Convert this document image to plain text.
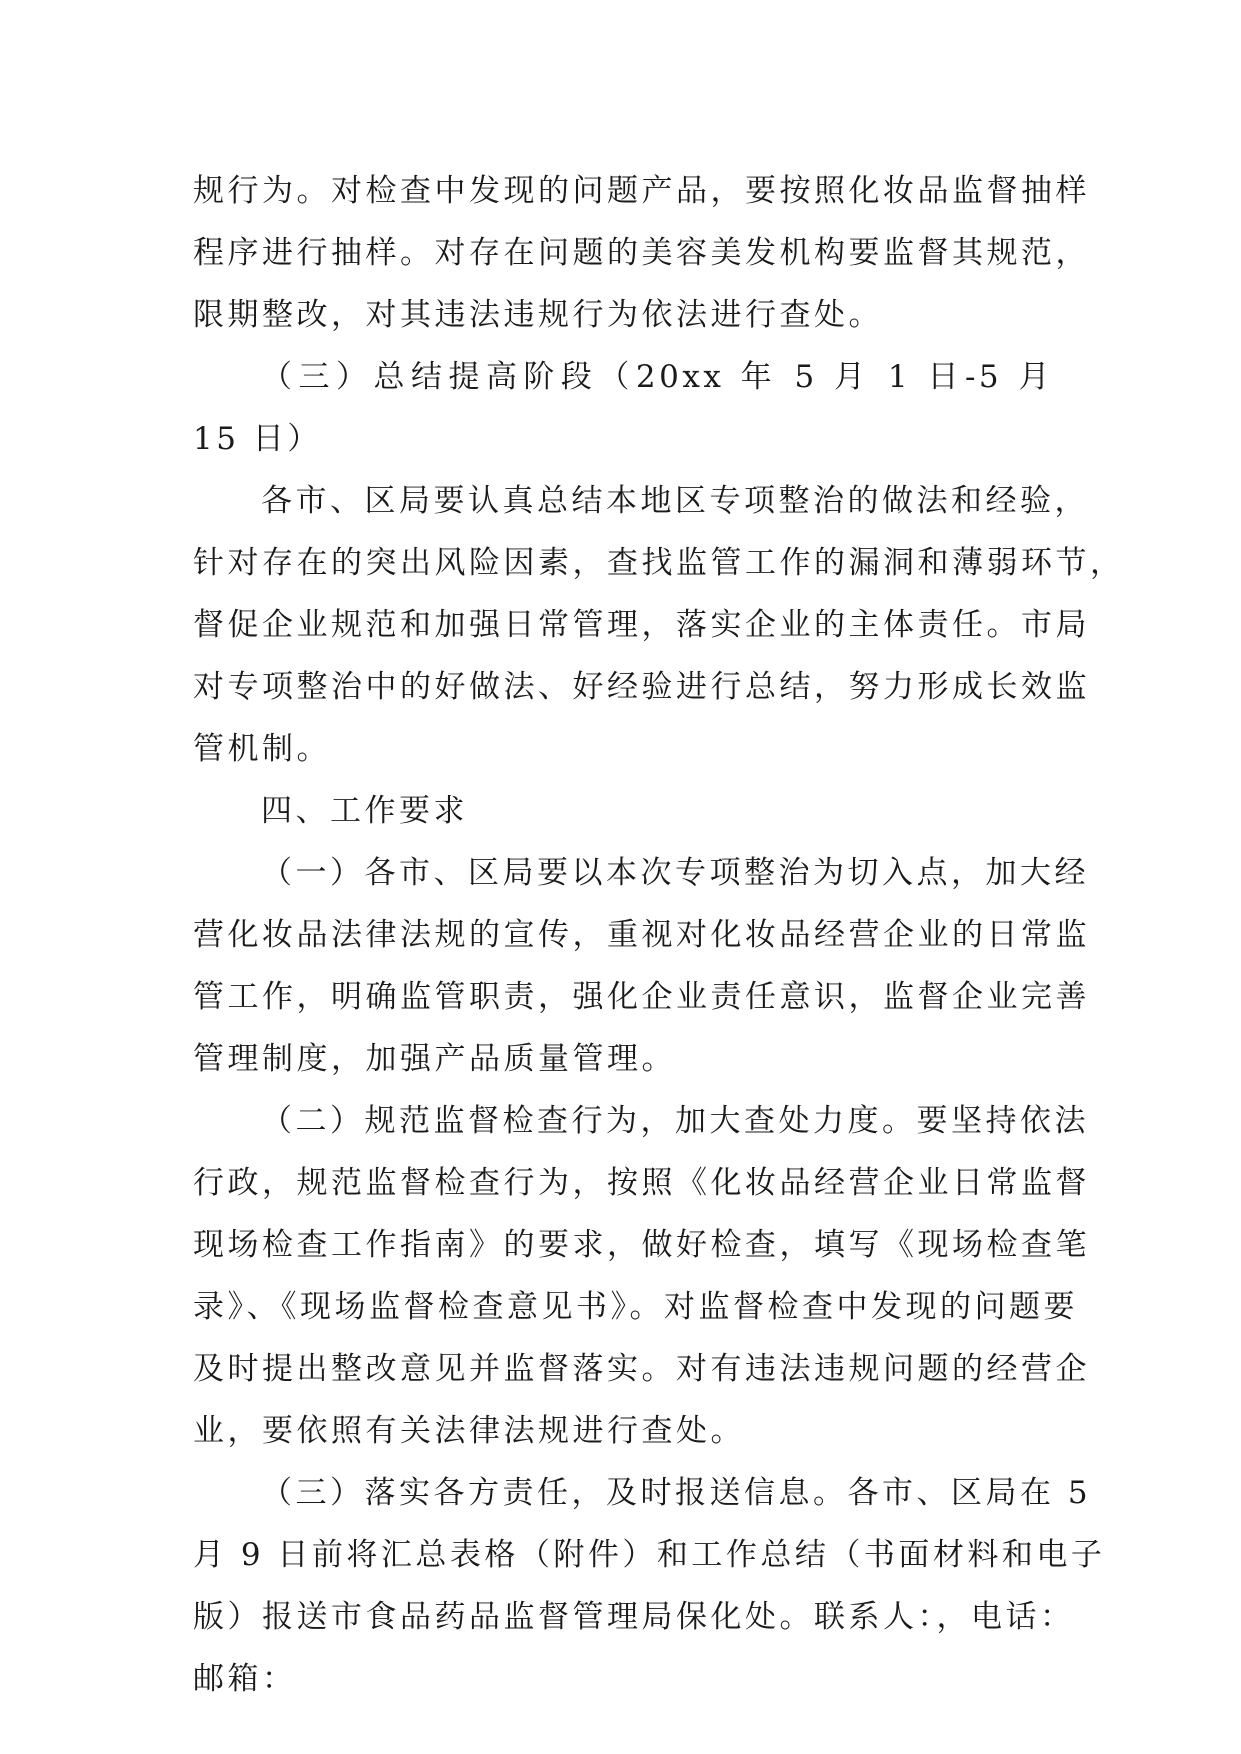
规行为。对检查中发现的问题产品，要按照化妆品监督抽样
程序进行抽样。对存在问题的美容美发机构要监督其规范，
限期整改，对其违法违规行为依法进行查处。

（三）总结提高阶段（20xx 年 5 月 1 日-5 月 15 日）

各市、区局要认真总结本地区专项整治的做法和经验，
针对存在的突出风险因素，查找监管工作的漏洞和薄弱环节，
督促企业规范和加强日常管理，落实企业的主体责任。市局
对专项整治中的好做法、好经验进行总结，努力形成长效监
管机制。

四、工作要求

（一）各市、区局要以本次专项整治为切入点，加大经
营化妆品法律法规的宣传，重视对化妆品经营企业的日常监
管工作，明确监管职责，强化企业责任意识，监督企业完善
管理制度，加强产品质量管理。

（二）规范监督检查行为，加大查处力度。要坚持依法
行政，规范监督检查行为，按照《化妆品经营企业日常监督
现场检查工作指南》的要求，做好检查，填写《现场检查笔
录》、《现场监督检查意见书》。对监督检查中发现的问题要
及时提出整改意见并监督落实。对有违法违规问题的经营企
业，要依照有关法律法规进行查处。

（三）落实各方责任，及时报送信息。各市、区局在 5
月 9 日前将汇总表格（附件）和工作总结（书面材料和电子
版）报送市食品药品监督管理局保化处。联系人：，电话：
邮箱：
